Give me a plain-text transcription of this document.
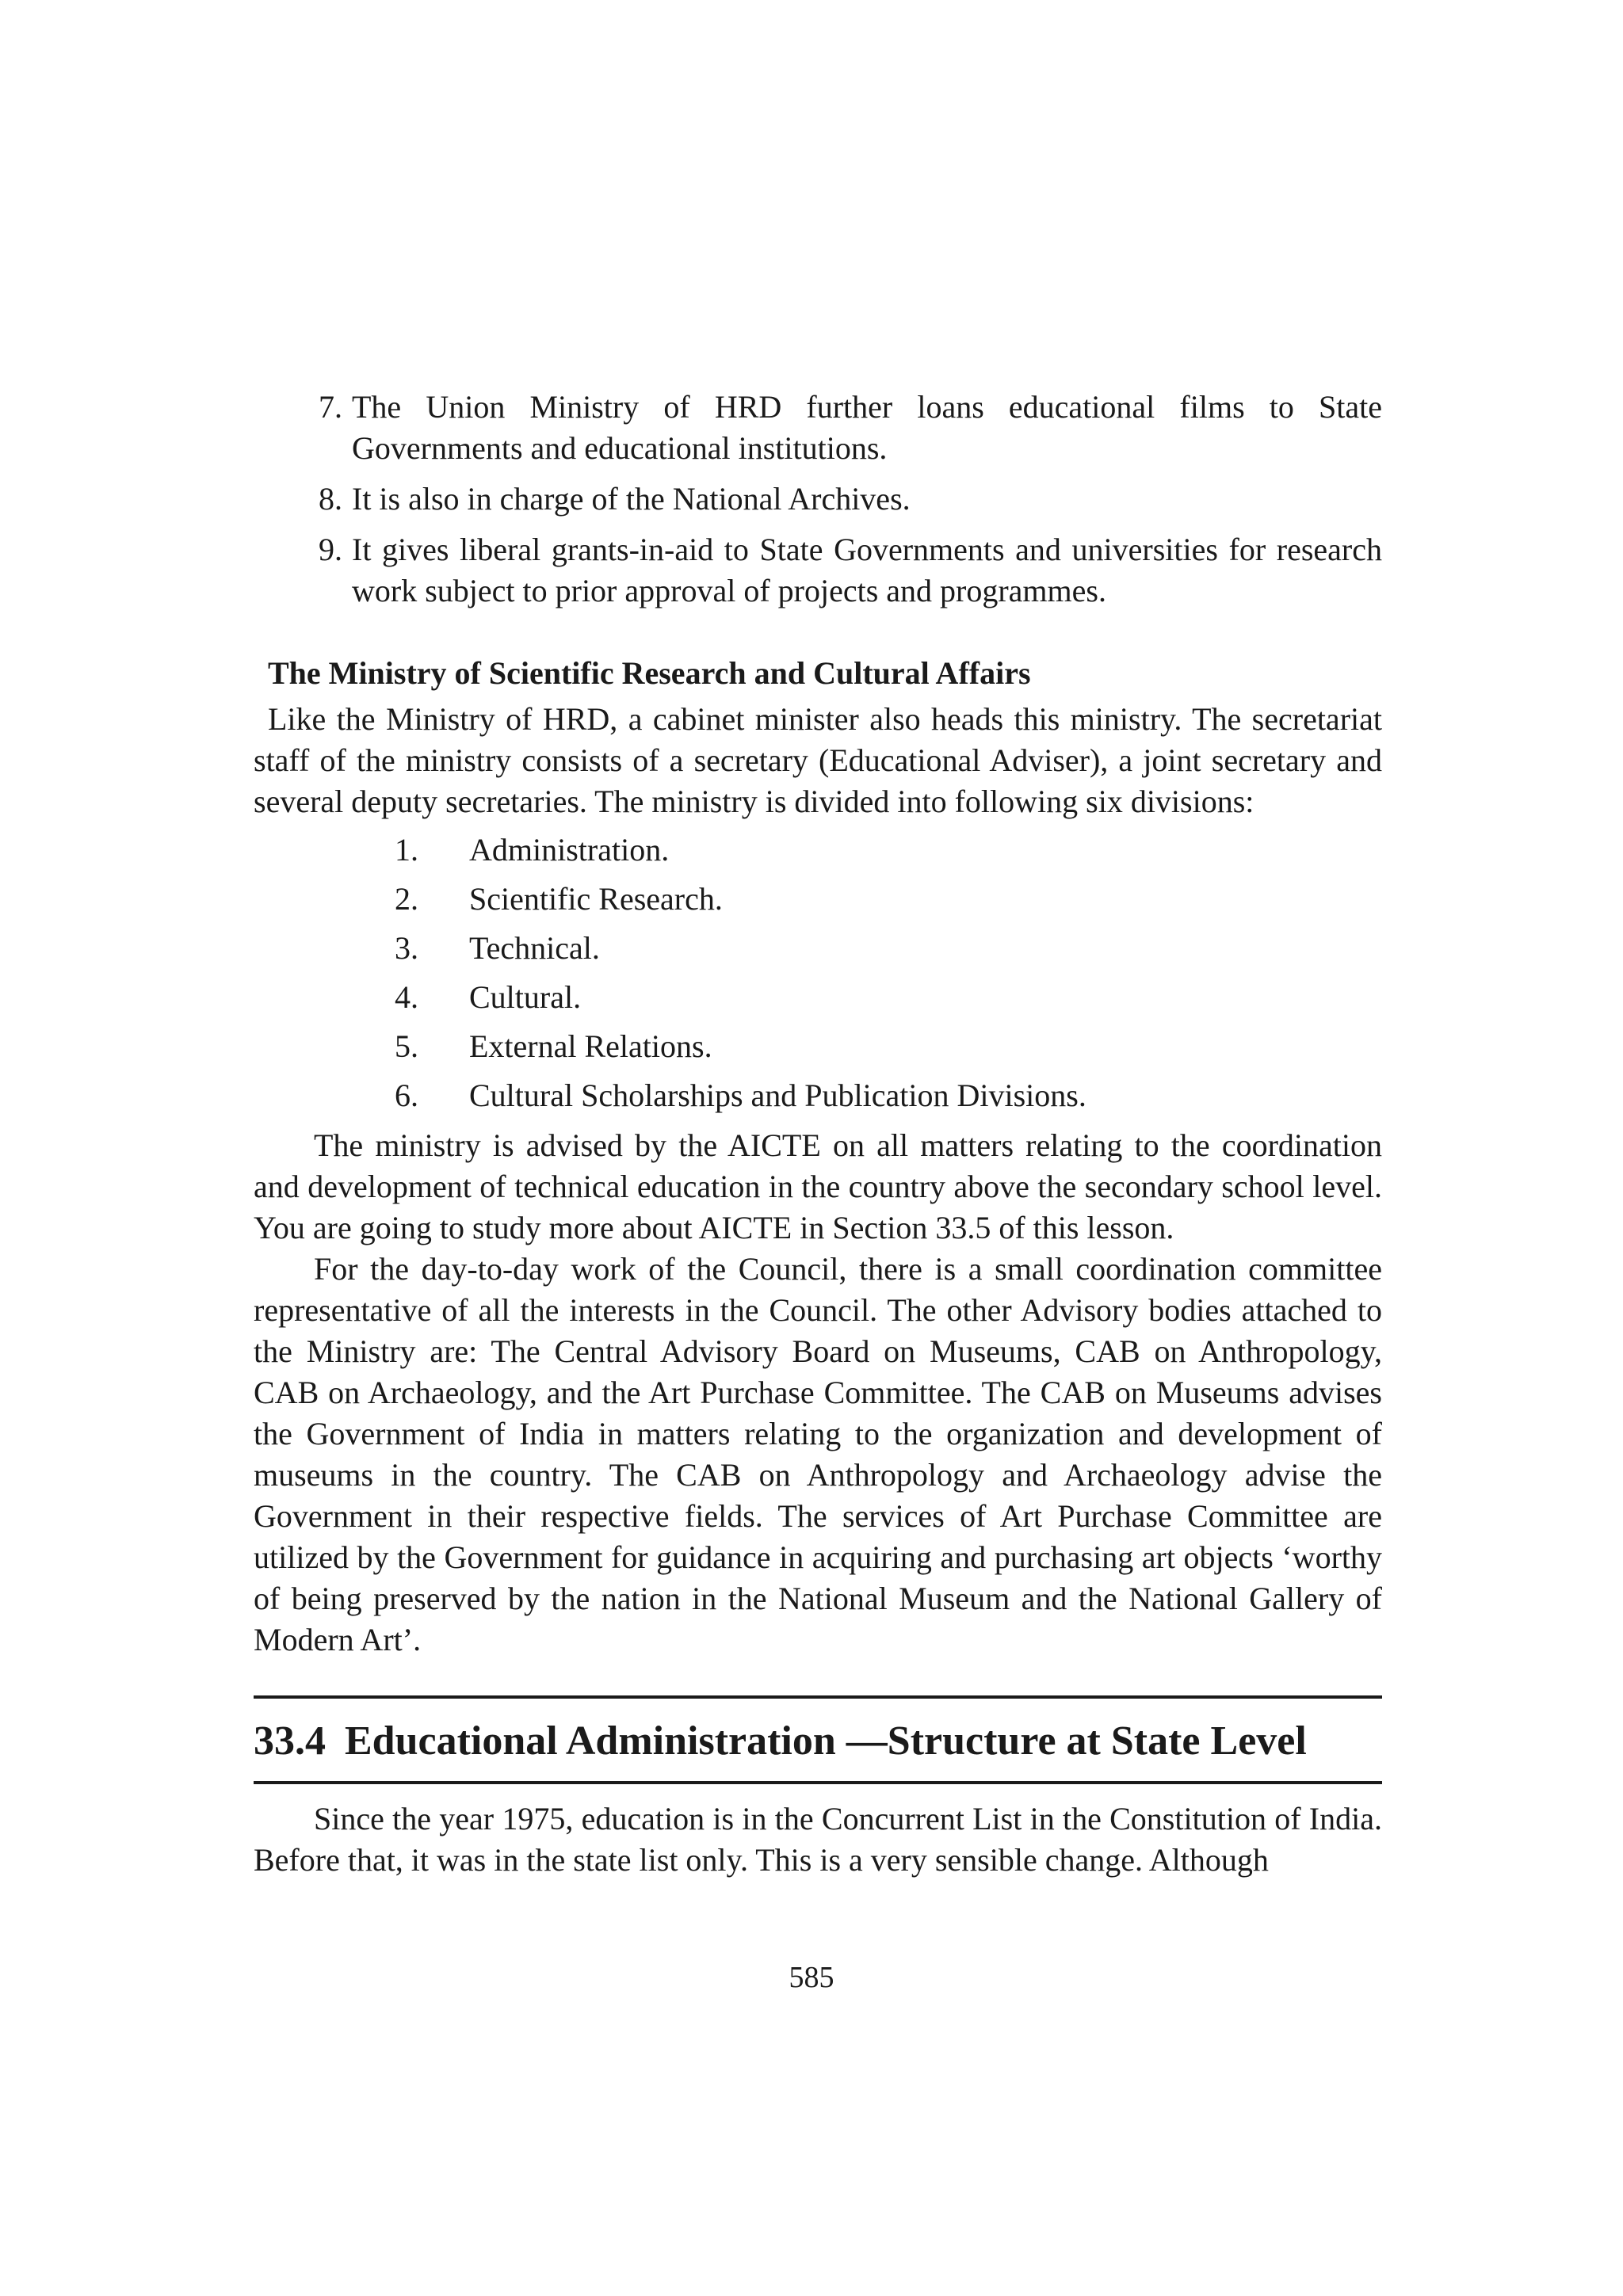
7. The Union Ministry of HRD further loans educational films to State Governments and educational institutions.
8. It is also in charge of the National Archives.
9. It gives liberal grants-in-aid to State Governments and universities for research work subject to prior approval of projects and programmes.
The Ministry of Scientific Research and Cultural Affairs

Like the Ministry of HRD, a cabinet minister also heads this ministry. The secretariat staff of the ministry consists of a secretary (Educational Adviser), a joint secretary and several deputy secretaries. The ministry is divided into following six divisions:

1.	Administration.
2.	Scientific Research.
3.	Technical.
4.	Cultural.
5.	External Relations.
6.	Cultural Scholarships and Publication Divisions.

The ministry is advised by the AICTE on all matters relating to the coordination and development of technical education in the country above the secondary school level. You are going to study more about AICTE in Section 33.5 of this lesson.

For the day-to-day work of the Council, there is a small coordination committee representative of all the interests in the Council. The other Advisory bodies attached to the Ministry are: The Central Advisory Board on Museums, CAB on Anthropology, CAB on Archaeology, and the Art Purchase Committee. The CAB on Museums advises the Government of India in matters relating to the organization and development of museums in the country. The CAB on Anthropology and Archaeology advise the Government in their respective fields. The services of Art Purchase Committee are utilized by the Government for guidance in acquiring and purchasing art objects ‘worthy of being preserved by the nation in the National Museum and the National Gallery of Modern Art’.

33.4 Educational Administration —Structure at State Level

Since the year 1975, education is in the Concurrent List in the Constitution of India. Before that, it was in the state list only. This is a very sensible change. Although

585
